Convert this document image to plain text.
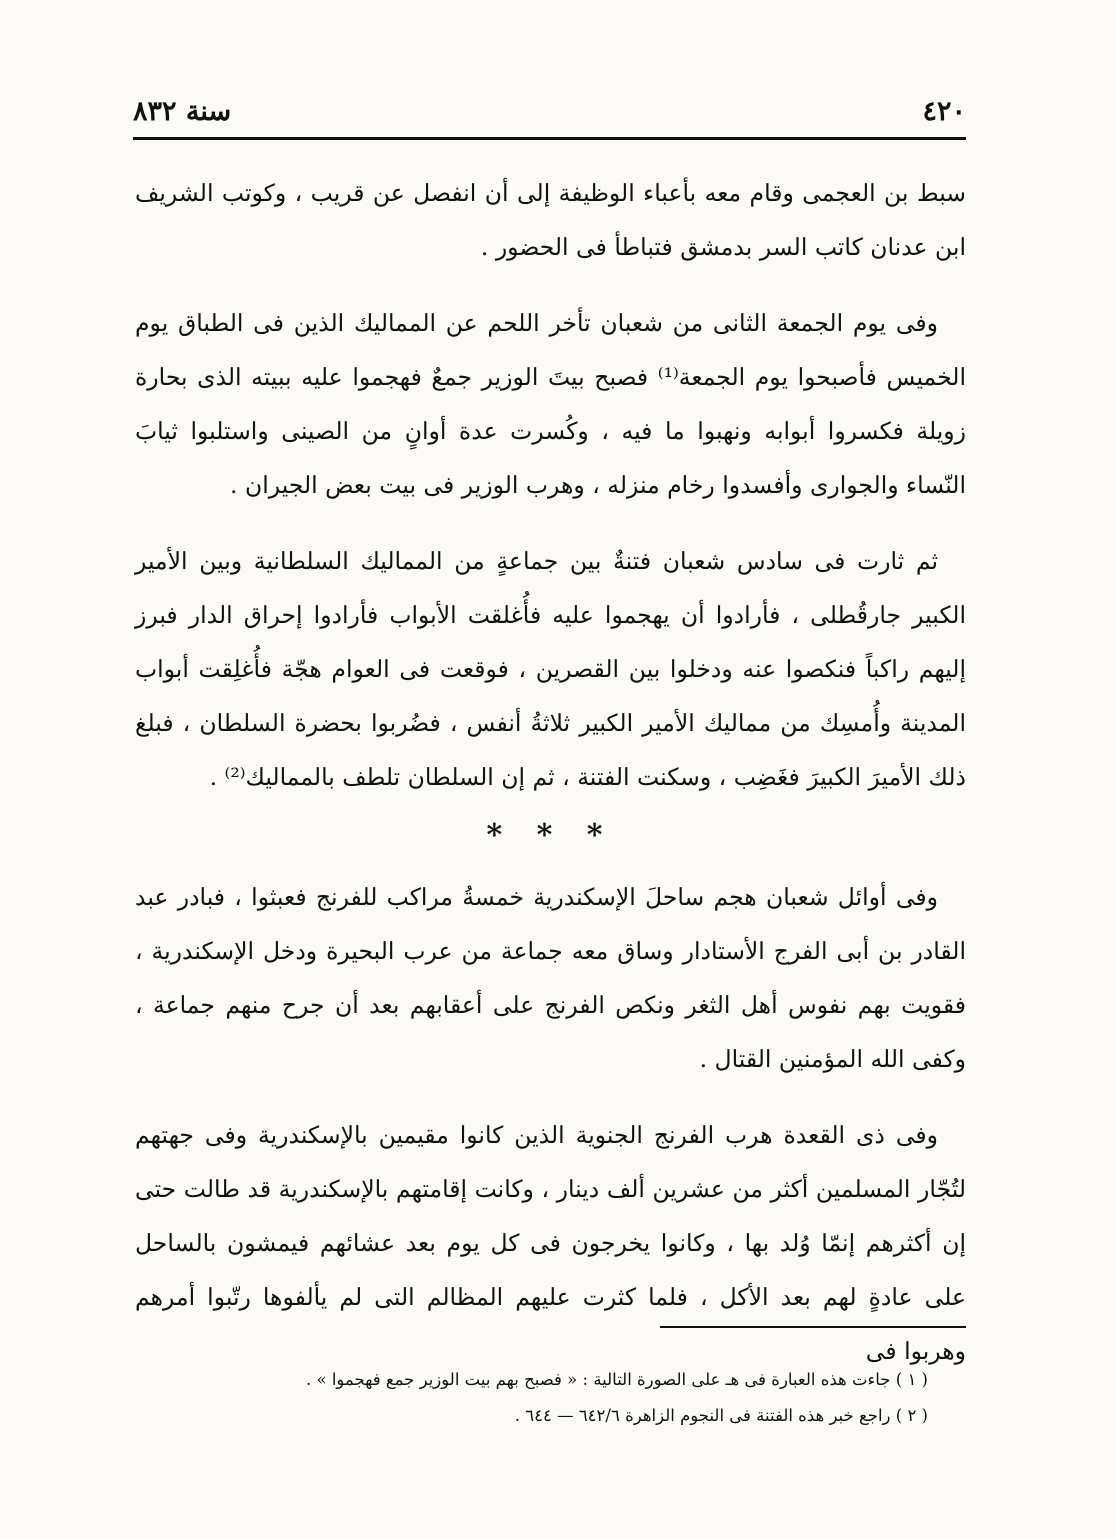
٤٢٠
سنة ٨٣٢

سبط بن العجمى وقام معه بأعباء الوظيفة إلى أن انفصل عن قريب ، وكوتب الشريف ابن عدنان كاتب السر بدمشق فتباطأ فى الحضور .

وفى يوم الجمعة الثانى من شعبان تأخر اللحم عن المماليك الذين فى الطباق يوم الخميس فأصبحوا يوم الجمعة⁽¹⁾ فصبح بيتَ الوزير جمعٌ فهجموا عليه ببيته الذى بحارة زويلة فكسروا أبوابه ونهبوا ما فيه ، وكُسرت عدة أوانٍ من الصينى واستلبوا ثيابَ النّساء والجوارى وأفسدوا رخام منزله ، وهرب الوزير فى بيت بعض الجيران .

ثم ثارت فى سادس شعبان فتنةٌ بين جماعةٍ من المماليك السلطانية وبين الأمير الكبير جارقُطلى ، فأرادوا أن يهجموا عليه فأُغلقت الأبواب فأرادوا إحراق الدار فبرز إليهم راكباً فنكصوا عنه ودخلوا بين القصرين ، فوقعت فى العوام هجّة فأُغلِقت أبواب المدينة وأُمسِك من مماليك الأمير الكبير ثلاثةُ أنفس ، فضُربوا بحضرة السلطان ، فبلغ ذلك الأميرَ الكبيرَ فغَضِب ، وسكنت الفتنة ، ثم إن السلطان تلطف بالمماليك⁽²⁾ .

* * *

وفى أوائل شعبان هجم ساحلَ الإسكندرية خمسةُ مراكب للفرنج فعبثوا ، فبادر عبد القادر بن أبى الفرج الأستادار وساق معه جماعة من عرب البحيرة ودخل الإسكندرية ، فقويت بهم نفوس أهل الثغر ونكص الفرنج على أعقابهم بعد أن جرح منهم جماعة ، وكفى الله المؤمنين القتال .

وفى ذى القعدة هرب الفرنج الجنوية الذين كانوا مقيمين بالإسكندرية وفى جهتهم لتُجّار المسلمين أكثر من عشرين ألف دينار ، وكانت إقامتهم بالإسكندرية قد طالت حتى إن أكثرهم إنمّا وُلد بها ، وكانوا يخرجون فى كل يوم بعد عشائهم فيمشون بالساحل على عادةٍ لهم بعد الأكل ، فلما كثرت عليهم المظالم التى لم يألفوها رتّبوا أمرهم وهربوا فى

( ١ ) جاءت هذه العبارة فى هـ على الصورة التالية : « فصبح بهم بيت الوزير جمع فهجموا » .

( ٢ ) راجع خبر هذه الفتنة فى النجوم الزاهرة ٦٤٢/٦ — ٦٤٤ .
